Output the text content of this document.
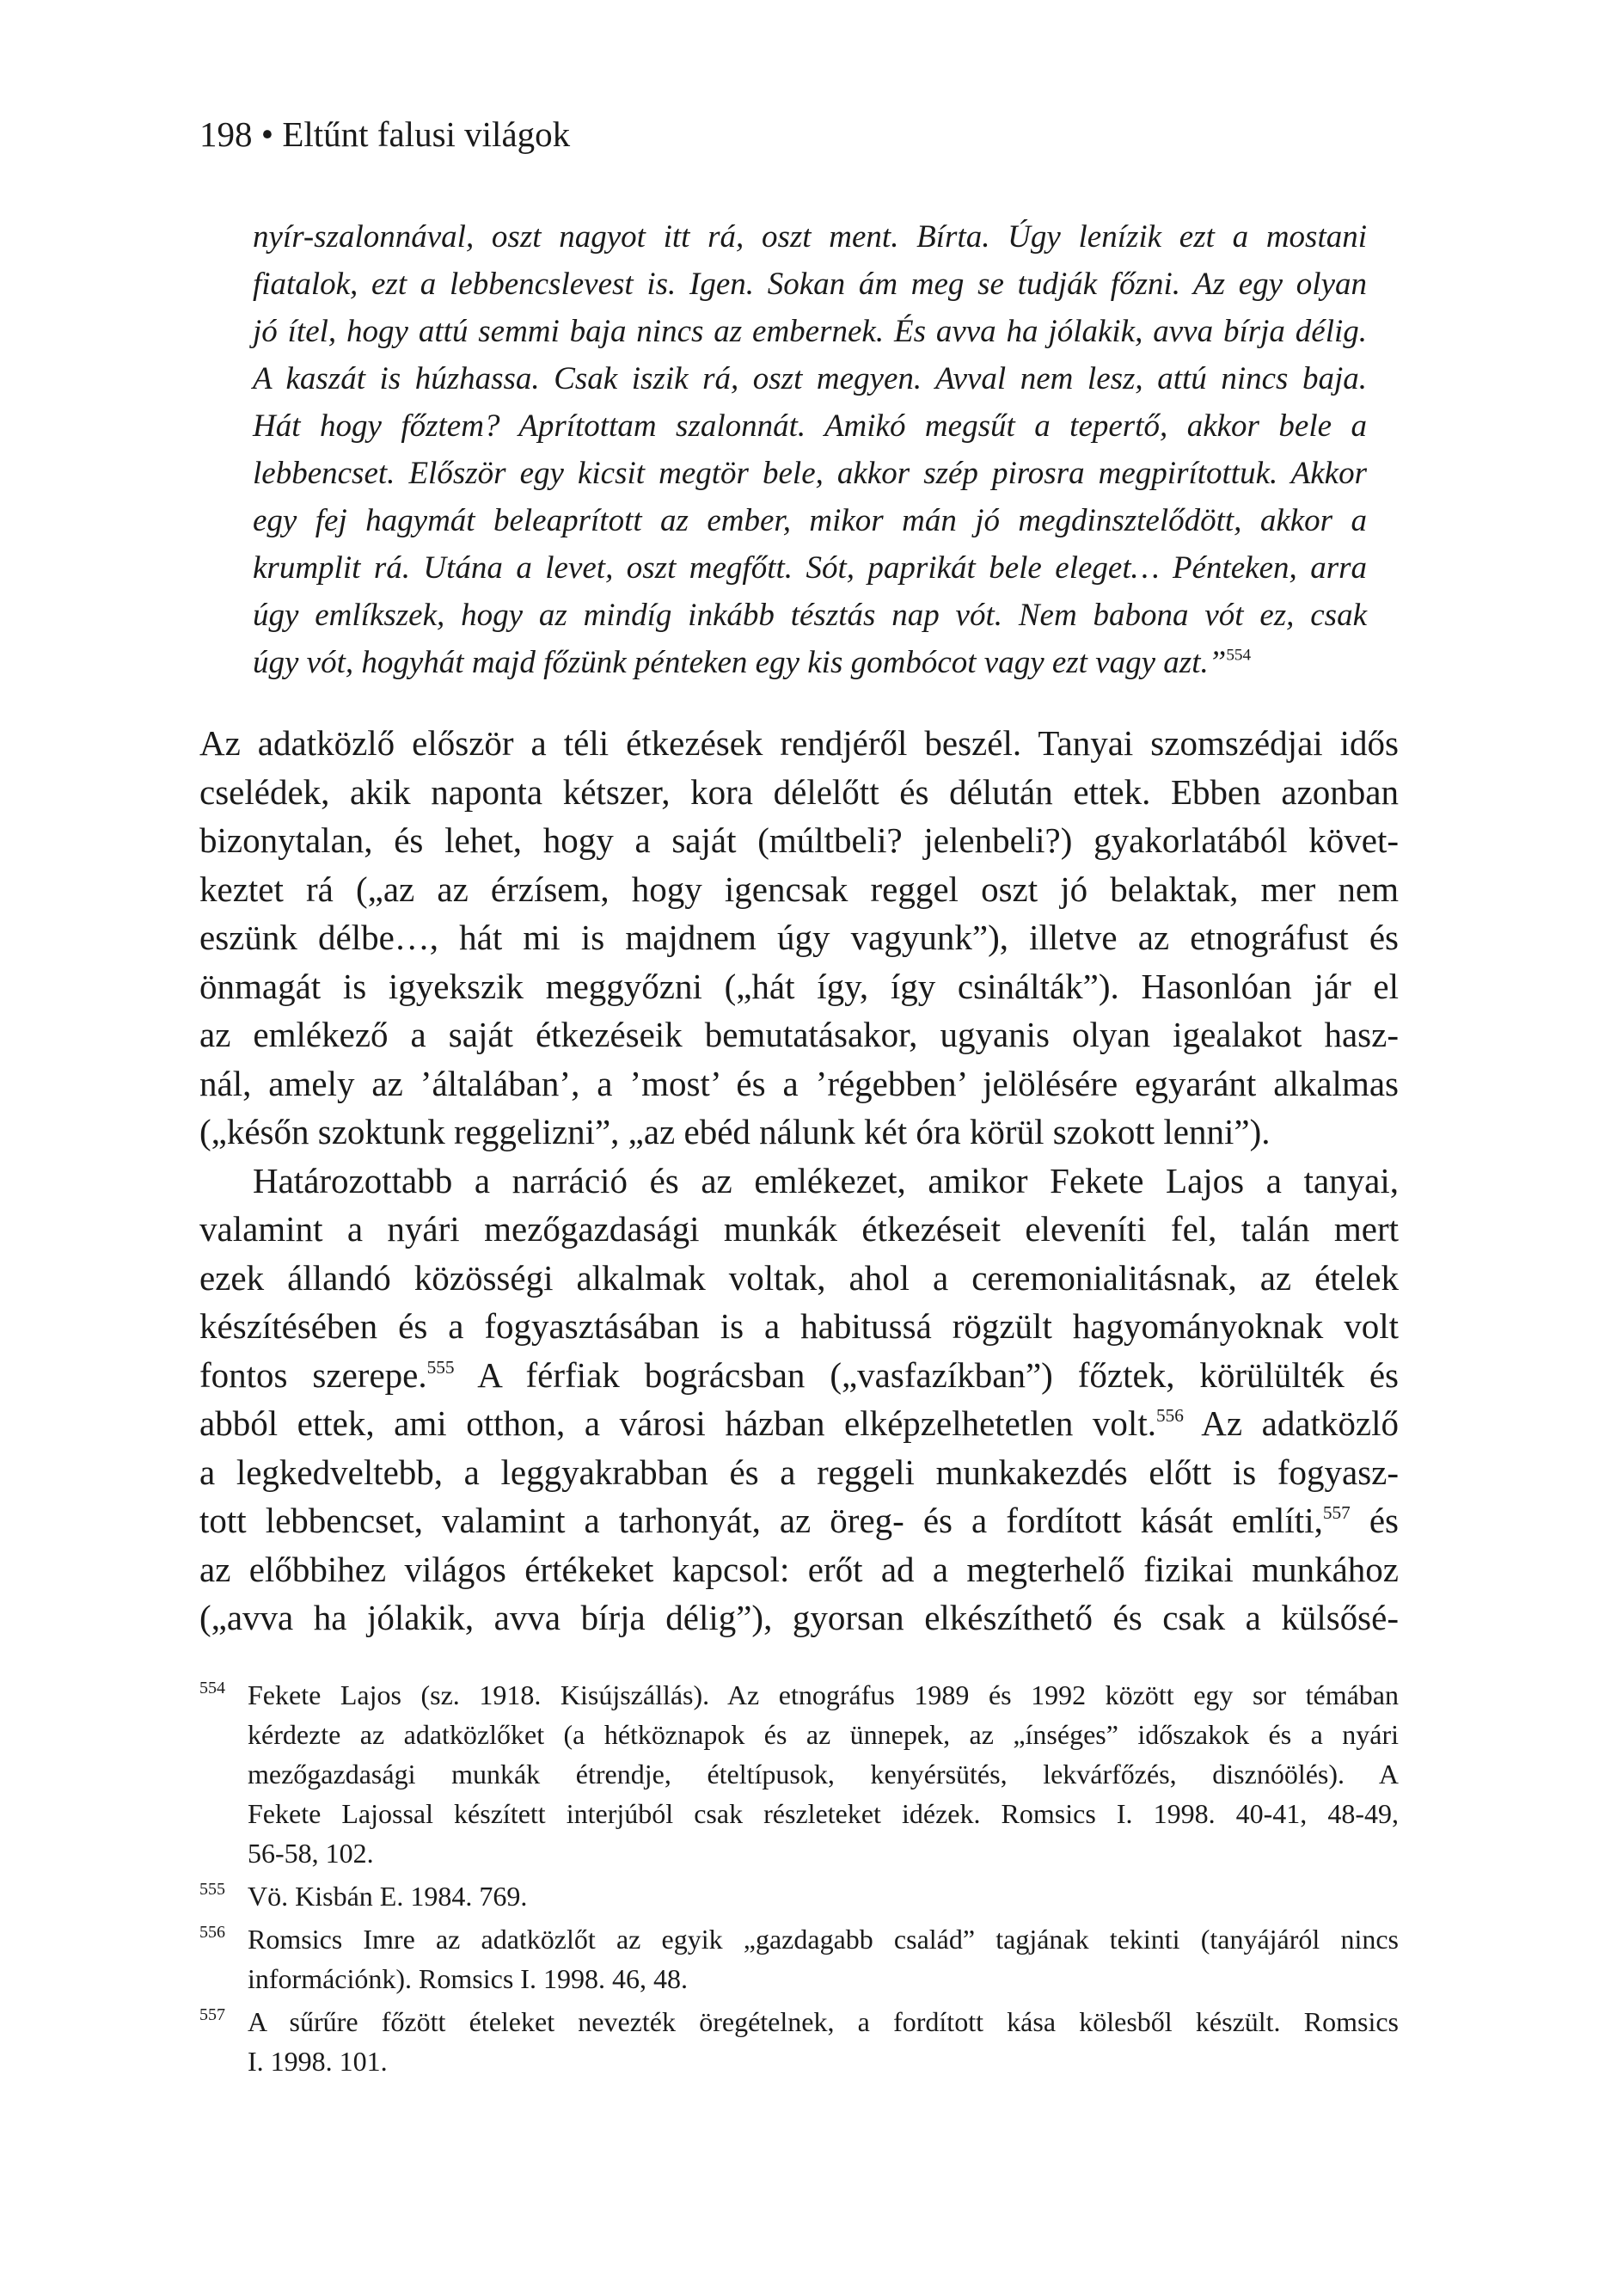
198 • Eltűnt falusi világok
nyír-szalonnával, oszt nagyot itt rá, oszt ment. Bírta. Úgy lenízik ezt a mostani
fiatalok, ezt a lebbencslevest is. Igen. Sokan ám meg se tudják főzni. Az egy olyan
jó ítel, hogy attú semmi baja nincs az embernek. És avva ha jólakik, avva bírja délig.
A kaszát is húzhassa. Csak iszik rá, oszt megyen. Avval nem lesz, attú nincs baja.
Hát hogy főztem? Aprítottam szalonnát. Amikó megsűt a tepertő, akkor bele a
lebbencset. Először egy kicsit megtör bele, akkor szép pirosra megpirítottuk. Akkor
egy fej hagymát beleaprított az ember, mikor mán jó megdinsztelődött, akkor a
krumplit rá. Utána a levet, oszt megfőtt. Sót, paprikát bele eleget… Pénteken, arra
úgy emlíkszek, hogy az mindíg inkább tésztás nap vót. Nem babona vót ez, csak
úgy vót, hogyhát majd főzünk pénteken egy kis gombócot vagy ezt vagy azt.”$^{554}$
Az adatközlő először a téli étkezések rendjéről beszél. Tanyai szomszédjai idős
cselédek, akik naponta kétszer, kora délelőtt és délután ettek. Ebben azonban
bizonytalan, és lehet, hogy a saját (múltbeli? jelenbeli?) gyakorlatából követ-
keztet rá („az az érzísem, hogy igencsak reggel oszt jó belaktak, mer nem
eszünk délbe…, hát mi is majdnem úgy vagyunk”), illetve az etnográfust és
önmagát is igyekszik meggyőzni („hát így, így csinálták”). Hasonlóan jár el
az emlékező a saját étkezéseik bemutatásakor, ugyanis olyan igealakot hasz-
nál, amely az ’általában’, a ’most’ és a ’régebben’ jelölésére egyaránt alkalmas
(„későn szoktunk reggelizni”, „az ebéd nálunk két óra körül szokott lenni”).
Határozottabb a narráció és az emlékezet, amikor Fekete Lajos a tanyai,
valamint a nyári mezőgazdasági munkák étkezéseit eleveníti fel, talán mert
ezek állandó közösségi alkalmak voltak, ahol a ceremonialitásnak, az ételek
készítésében és a fogyasztásában is a habitussá rögzült hagyományoknak volt
fontos szerepe.$^{555}$ A férfiak bográcsban („vasfazíkban”) főztek, körülülték és
abból ettek, ami otthon, a városi házban elképzelhetetlen volt.$^{556}$ Az adatközlő
a legkedveltebb, a leggyakrabban és a reggeli munkakezdés előtt is fogyasz-
tott lebbencset, valamint a tarhonyát, az öreg- és a fordított kását említi,$^{557}$ és
az előbbihez világos értékeket kapcsol: erőt ad a megterhelő fizikai munkához
(„avva ha jólakik, avva bírja délig”), gyorsan elkészíthető és csak a külsősé-
554 Fekete Lajos (sz. 1918. Kisújszállás). Az etnográfus 1989 és 1992 között egy sor témában
kérdezte az adatközlőket (a hétköznapok és az ünnepek, az „ínséges” időszakok és a nyári
mezőgazdasági munkák étrendje, ételtípusok, kenyérsütés, lekvárfőzés, disznóölés). A
Fekete Lajossal készített interjúból csak részleteket idézek. Romsics I. 1998. 40-41, 48-49,
56-58, 102.
555 Vö. Kisbán E. 1984. 769.
556 Romsics Imre az adatközlőt az egyik „gazdagabb család” tagjának tekinti (tanyájáról nincs
információnk). Romsics I. 1998. 46, 48.
557 A sűrűre főzött ételeket nevezték öregételnek, a fordított kása kölesből készült. Romsics
I. 1998. 101.
